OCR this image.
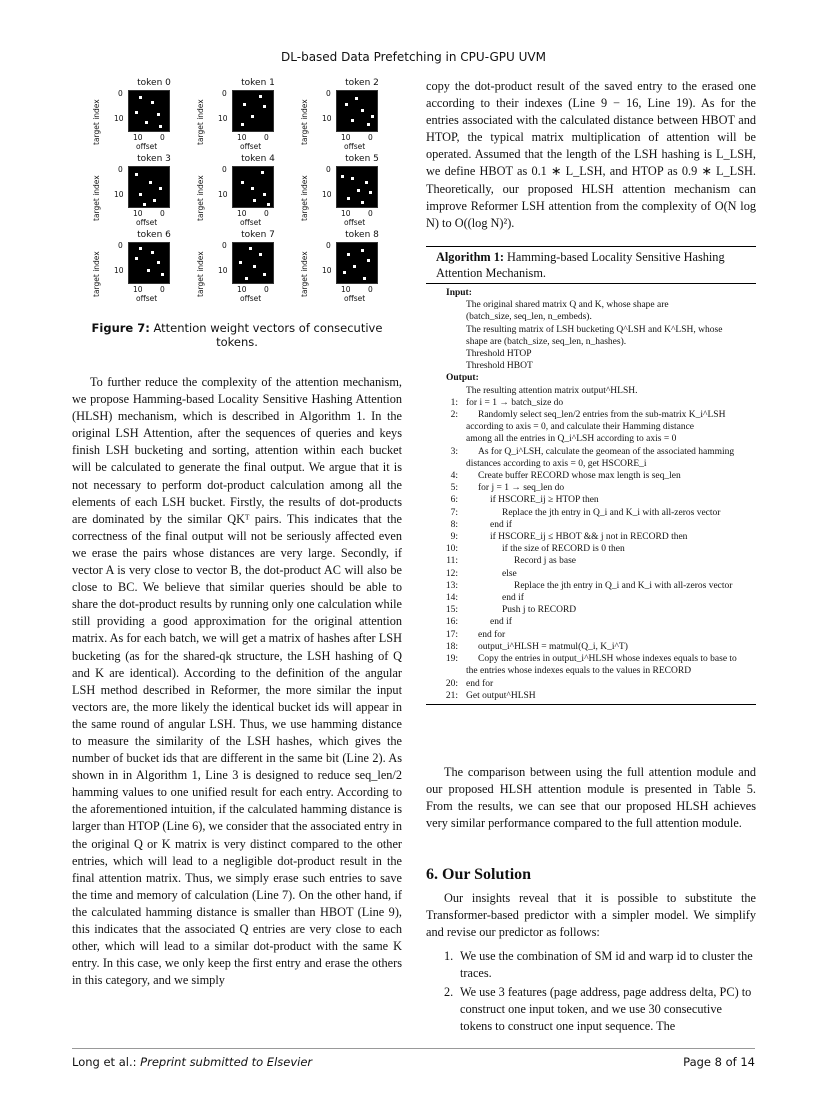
DL-based Data Prefetching in CPU-GPU UVM
token 0
target index
0
10
10 0
offset
token 1
target index
0
10
10 0
offset
token 2
target index
0
10
10 0
offset
token 3
target index
0
10
10 0
offset
token 4
target index
0
10
10 0
offset
token 5
target index
0
10
10 0
offset
token 6
target index
0
10
10 0
offset
token 7
target index
0
10
10 0
offset
token 8
target index
0
10
10 0
offset
Figure 7: Attention weight vectors of consecutive tokens.

To further reduce the complexity of the attention mechanism, we propose Hamming-based Locality Sensitive Hashing Attention (HLSH) mechanism, which is described in Algorithm 1. In the original LSH Attention, after the sequences of queries and keys finish LSH bucketing and sorting, attention within each bucket will be calculated to generate the final output. We argue that it is not necessary to perform dot-product calculation among all the elements of each LSH bucket. Firstly, the results of dot-products are dominated by the similar QKᵀ pairs. This indicates that the correctness of the final output will not be seriously affected even we erase the pairs whose distances are very large. Secondly, if vector A is very close to vector B, the dot-product AC will also be close to BC. We believe that similar queries should be able to share the dot-product results by running only one calculation while still providing a good approximation for the original attention matrix. As for each batch, we will get a matrix of hashes after LSH bucketing (as for the shared-qk structure, the LSH hashing of Q and K are identical). According to the definition of the angular LSH method described in Reformer, the more similar the input vectors are, the more likely the identical bucket ids will appear in the same round of angular LSH. Thus, we use hamming distance to measure the similarity of the LSH hashes, which gives the number of bucket ids that are different in the same bit (Line 2). As shown in in Algorithm 1, Line 3 is designed to reduce seq_len/2 hamming values to one unified result for each entry. According to the aforementioned intuition, if the calculated hamming distance is larger than HTOP (Line 6), we consider that the associated entry in the original Q or K matrix is very distinct compared to the other entries, which will lead to a negligible dot-product result in the final attention matrix. Thus, we simply erase such entries to save the time and memory of calculation (Line 7). On the other hand, if the calculated hamming distance is smaller than HBOT (Line 9), this indicates that the associated Q entries are very close to each other, which will lead to a similar dot-product with the same K entry. In this case, we only keep the first entry and erase the others in this category, and we simply

copy the dot-product result of the saved entry to the erased one according to their indexes (Line 9 − 16, Line 19). As for the entries associated with the calculated distance between HBOT and HTOP, the typical matrix multiplication of attention will be operated. Assumed that the length of the LSH hashing is L_LSH, we define HBOT as 0.1 ∗ L_LSH, and HTOP as 0.9 ∗ L_LSH. Theoretically, our proposed HLSH attention mechanism can improve Reformer LSH attention from the complexity of O(N log N) to O((log N)²).

Algorithm 1: Hamming-based Locality Sensitive Hashing Attention Mechanism.
Input:
The original shared matrix Q and K, whose shape are
(batch_size, seq_len, n_embeds).
The resulting matrix of LSH bucketing Q^LSH and K^LSH, whose
shape are (batch_size, seq_len, n_hashes).
Threshold HTOP
Threshold HBOT
Output:
The resulting attention matrix output^HLSH.
1: for i = 1 → batch_size do
2:	Randomly select seq_len/2 entries from the sub-matrix K_i^LSH
according to axis = 0, and calculate their Hamming distance
among all the entries in Q_i^LSH according to axis = 0
3:	As for Q_i^LSH, calculate the geomean of the associated hamming
distances according to axis = 0, get HSCORE_i
4:	Create buffer RECORD whose max length is seq_len
5:	for j = 1 → seq_len do
6:	if HSCORE_ij ≥ HTOP then
7:	Replace the jth entry in Q_i and K_i with all-zeros vector
8:	end if
9:	if HSCORE_ij ≤ HBOT && j not in RECORD then
10:	if the size of RECORD is 0 then
11:	Record j as base
12:	else
13:	Replace the jth entry in Q_i and K_i with all-zeros vector
14:	end if
15:	Push j to RECORD
16:	end if
17:	end for
18:	output_i^HLSH = matmul(Q_i, K_i^T)
19:	Copy the entries in output_i^HLSH whose indexes equals to base to
the entries whose indexes equals to the values in RECORD
20: end for
21: Get output^HLSH

The comparison between using the full attention module and our proposed HLSH attention module is presented in Table 5. From the results, we can see that our proposed HLSH achieves very similar performance compared to the full attention module.

6. Our Solution

Our insights reveal that it is possible to substitute the Transformer-based predictor with a simpler model. We simplify and revise our predictor as follows:

1. We use the combination of SM id and warp id to cluster the traces.
2. We use 3 features (page address, page address delta, PC) to construct one input token, and we use 30 consecutive tokens to construct one input sequence. The
Long et al.: Preprint submitted to Elsevier	Page 8 of 14
